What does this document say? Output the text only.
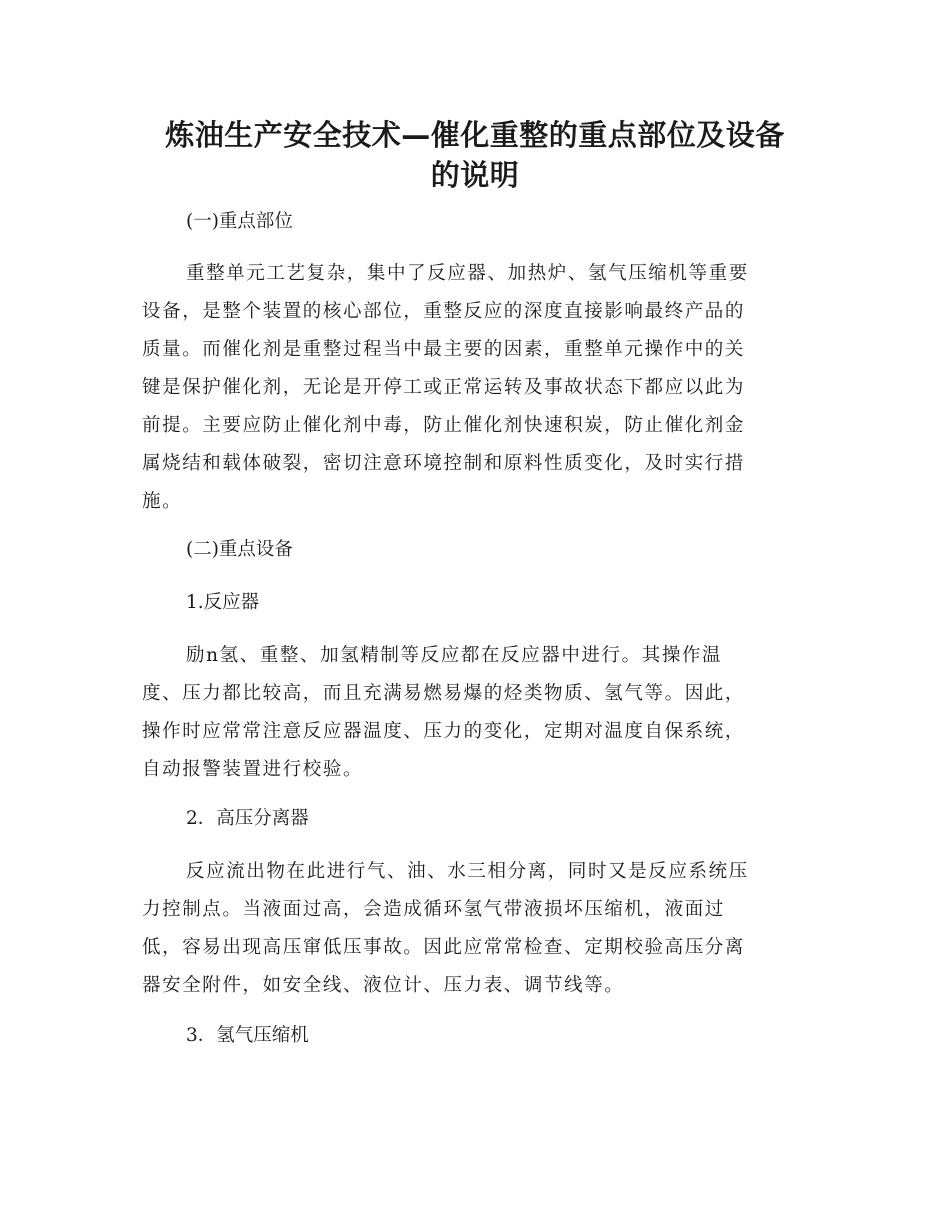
炼油生产安全技术—催化重整的重点部位及设备
的说明

(一)重点部位

重整单元工艺复杂，集中了反应器、加热炉、氢气压缩机等重要
设备，是整个装置的核心部位，重整反应的深度直接影响最终产品的
质量。而催化剂是重整过程当中最主要的因素，重整单元操作中的关
键是保护催化剂，无论是开停工或正常运转及事故状态下都应以此为
前提。主要应防止催化剂中毒，防止催化剂快速积炭，防止催化剂金
属烧结和载体破裂，密切注意环境控制和原料性质变化，及时实行措
施。

(二)重点设备

1.反应器

励n氢、重整、加氢精制等反应都在反应器中进行。其操作温
度、压力都比较高，而且充满易燃易爆的烃类物质、氢气等。因此，
操作时应常常注意反应器温度、压力的变化，定期对温度自保系统，
自动报警装置进行校验。

2．高压分离器

反应流出物在此进行气、油、水三相分离，同时又是反应系统压
力控制点。当液面过高，会造成循环氢气带液损坏压缩机，液面过
低，容易出现高压窜低压事故。因此应常常检查、定期校验高压分离
器安全附件，如安全线、液位计、压力表、调节线等。

3．氢气压缩机
